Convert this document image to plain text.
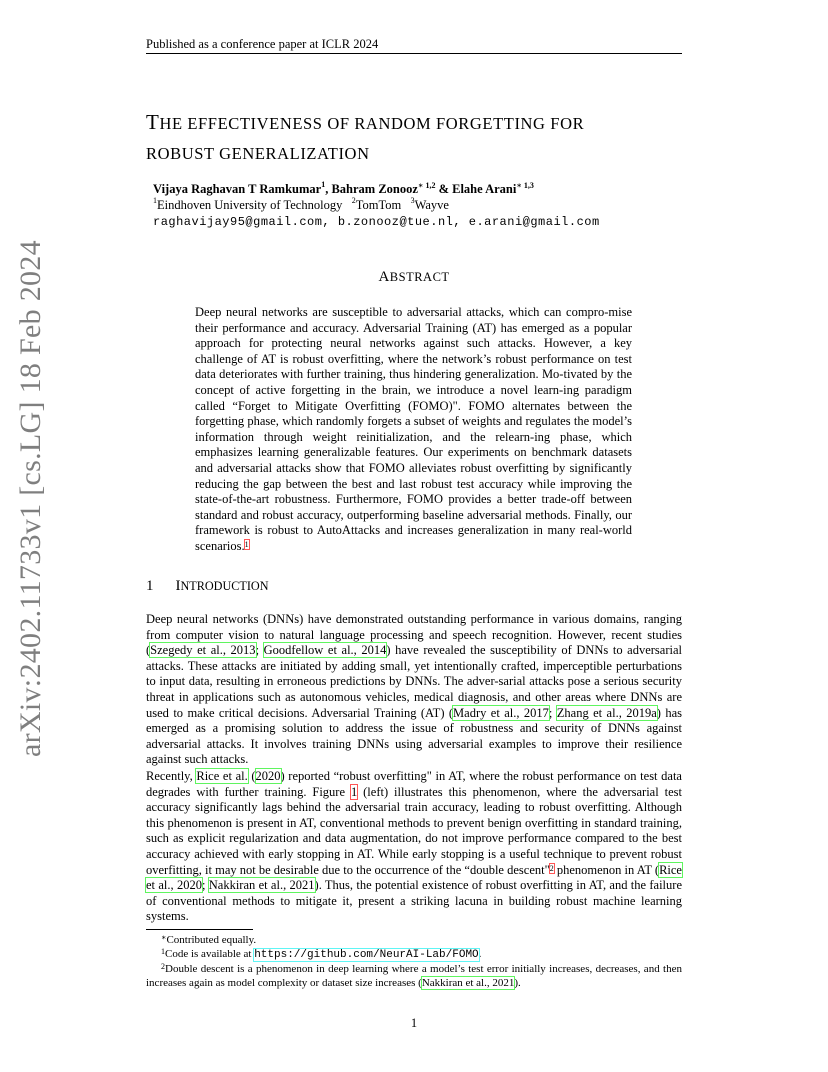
Published as a conference paper at ICLR 2024
arXiv:2402.11733v1 [cs.LG] 18 Feb 2024
THE EFFECTIVENESS OF RANDOM FORGETTING FOR
ROBUST GENERALIZATION
Vijaya Raghavan T Ramkumar$^1$, Bahram Zonooz$^{∗ 1,2}$ & Elahe Arani$^{∗ 1,3}$
$^1$Eindhoven University of Technology $^2$TomTom $^3$Wayve
raghavijay95@gmail.com, b.zonooz@tue.nl, e.arani@gmail.com
ABSTRACT
Deep neural networks are susceptible to adversarial attacks, which can compro-mise their performance and accuracy. Adversarial Training (AT) has emerged as a popular approach for protecting neural networks against such attacks. However, a key challenge of AT is robust overfitting, where the network’s robust performance on test data deteriorates with further training, thus hindering generalization. Mo-tivated by the concept of active forgetting in the brain, we introduce a novel learn-ing paradigm called “Forget to Mitigate Overfitting (FOMO)". FOMO alternates between the forgetting phase, which randomly forgets a subset of weights and regulates the model’s information through weight reinitialization, and the relearn-ing phase, which emphasizes learning generalizable features. Our experiments on benchmark datasets and adversarial attacks show that FOMO alleviates robust overfitting by significantly reducing the gap between the best and last robust test accuracy while improving the state-of-the-art robustness. Furthermore, FOMO provides a better trade-off between standard and robust accuracy, outperforming baseline adversarial methods. Finally, our framework is robust to AutoAttacks and increases generalization in many real-world scenarios.$^1$
1 INTRODUCTION
Deep neural networks (DNNs) have demonstrated outstanding performance in various domains, ranging from computer vision to natural language processing and speech recognition. However, recent studies (Szegedy et al., 2013; Goodfellow et al., 2014) have revealed the susceptibility of DNNs to adversarial attacks. These attacks are initiated by adding small, yet intentionally crafted, imperceptible perturbations to input data, resulting in erroneous predictions by DNNs. The adver-sarial attacks pose a serious security threat in applications such as autonomous vehicles, medical diagnosis, and other areas where DNNs are used to make critical decisions. Adversarial Training (AT) (Madry et al., 2017; Zhang et al., 2019a) has emerged as a promising solution to address the issue of robustness and security of DNNs against adversarial attacks. It involves training DNNs using adversarial examples to improve their resilience against such attacks.
Recently, Rice et al. (2020) reported “robust overfitting" in AT, where the robust performance on test data degrades with further training. Figure 1 (left) illustrates this phenomenon, where the adversarial test accuracy significantly lags behind the adversarial train accuracy, leading to robust overfitting. Although this phenomenon is present in AT, conventional methods to prevent benign overfitting in standard training, such as explicit regularization and data augmentation, do not improve performance compared to the best accuracy achieved with early stopping in AT. While early stopping is a useful technique to prevent robust overfitting, it may not be desirable due to the occurrence of the “double descent"$^2$ phenomenon in AT (Rice et al., 2020; Nakkiran et al., 2021). Thus, the potential existence of robust overfitting in AT, and the failure of conventional methods to mitigate it, present a striking lacuna in building robust machine learning systems.
∗Contributed equally.
$^1$Code is available at https://github.com/NeurAI-Lab/FOMO.
$^2$Double descent is a phenomenon in deep learning where a model’s test error initially increases, decreases, and then increases again as model complexity or dataset size increases (Nakkiran et al., 2021).
1
